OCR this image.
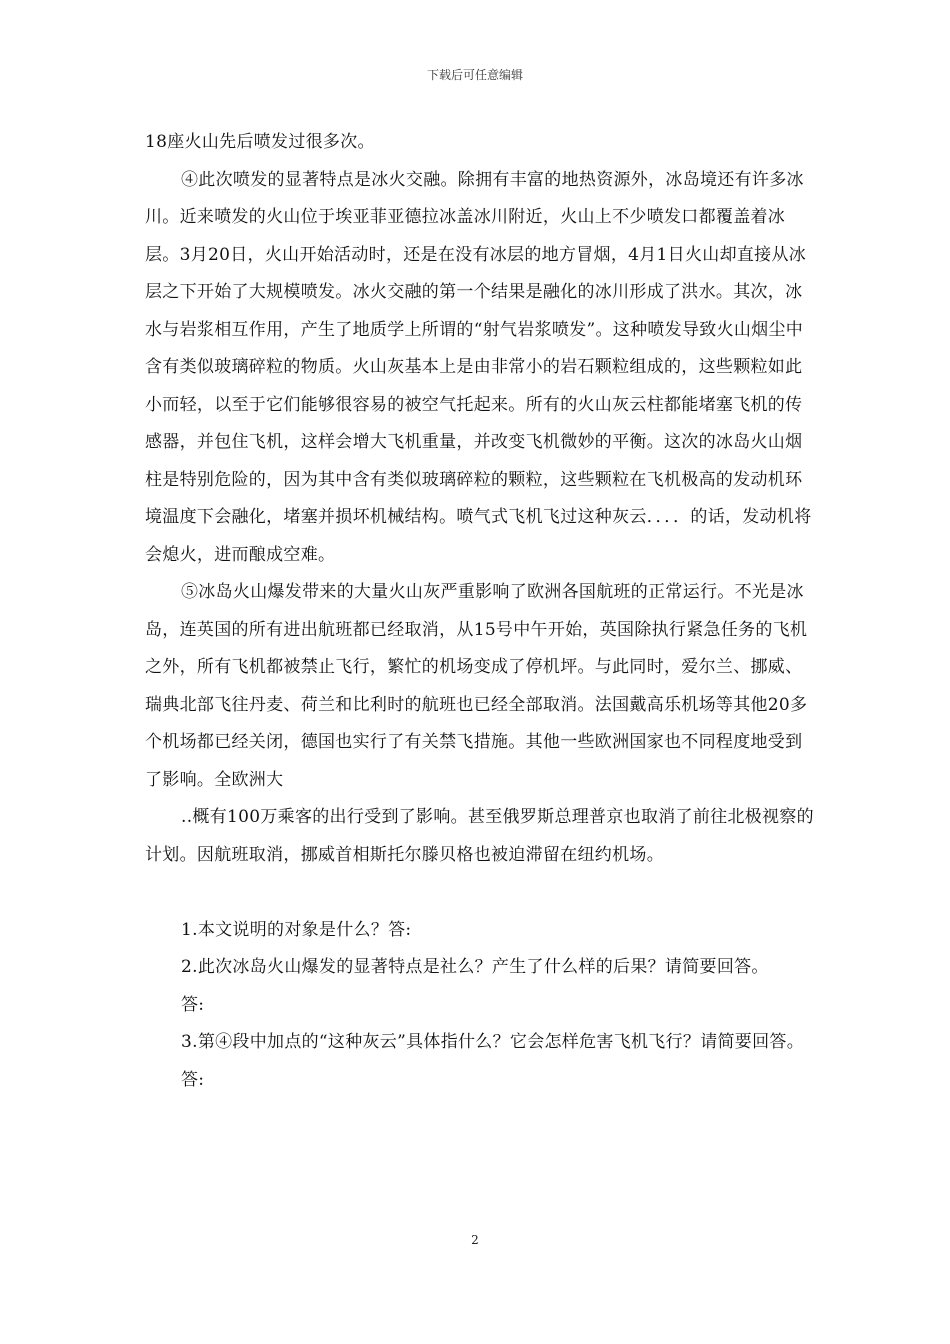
下载后可任意编辑

18座火山先后喷发过很多次。

④此次喷发的显著特点是冰火交融。除拥有丰富的地热资源外，冰岛境还有许多冰川。近来喷发的火山位于埃亚菲亚德拉冰盖冰川附近，火山上不少喷发口都覆盖着冰层。3月20日，火山开始活动时，还是在没有冰层的地方冒烟，4月1日火山却直接从冰层之下开始了大规模喷发。冰火交融的第一个结果是融化的冰川形成了洪水。其次，冰水与岩浆相互作用，产生了地质学上所谓的“射气岩浆喷发”。这种喷发导致火山烟尘中含有类似玻璃碎粒的物质。火山灰基本上是由非常小的岩石颗粒组成的，这些颗粒如此小而轻，以至于它们能够很容易的被空气托起来。所有的火山灰云柱都能堵塞飞机的传感器，并包住飞机，这样会增大飞机重量，并改变飞机微妙的平衡。这次的冰岛火山烟柱是特别危险的，因为其中含有类似玻璃碎粒的颗粒，这些颗粒在飞机极高的发动机环境温度下会融化，堵塞并损坏机械结构。喷气式飞机飞过这种灰云．．．．的话，发动机将会熄火，进而酿成空难。

⑤冰岛火山爆发带来的大量火山灰严重影响了欧洲各国航班的正常运行。不光是冰岛，连英国的所有进出航班都已经取消，从15号中午开始，英国除执行紧急任务的飞机之外，所有飞机都被禁止飞行，繁忙的机场变成了停机坪。与此同时，爱尔兰、挪威、瑞典北部飞往丹麦、荷兰和比利时的航班也已经全部取消。法国戴高乐机场等其他20多个机场都已经关闭，德国也实行了有关禁飞措施。其他一些欧洲国家也不同程度地受到了影响。全欧洲大

..概有100万乘客的出行受到了影响。甚至俄罗斯总理普京也取消了前往北极视察的计划。因航班取消，挪威首相斯托尔滕贝格也被迫滞留在纽约机场。

1.本文说明的对象是什么？答:

2.此次冰岛火山爆发的显著特点是社么？产生了什么样的后果？请简要回答。

答:

3.第④段中加点的“这种灰云”具体指什么？它会怎样危害飞机飞行？请简要回答。

答:

2
